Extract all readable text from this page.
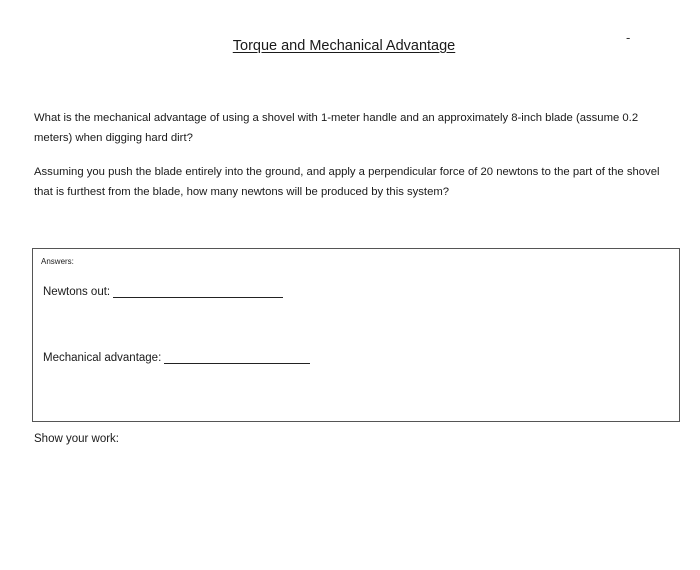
Torque and Mechanical Advantage
-
What is the mechanical advantage of using a shovel with 1-meter handle and an approximately 8-inch blade (assume 0.2 meters) when digging hard dirt?
Assuming you push the blade entirely into the ground, and apply a perpendicular force of 20 newtons to the part of the shovel that is furthest from the blade, how many newtons will be produced by this system?
Answers:
Newtons out:
Mechanical advantage:
Show your work:
